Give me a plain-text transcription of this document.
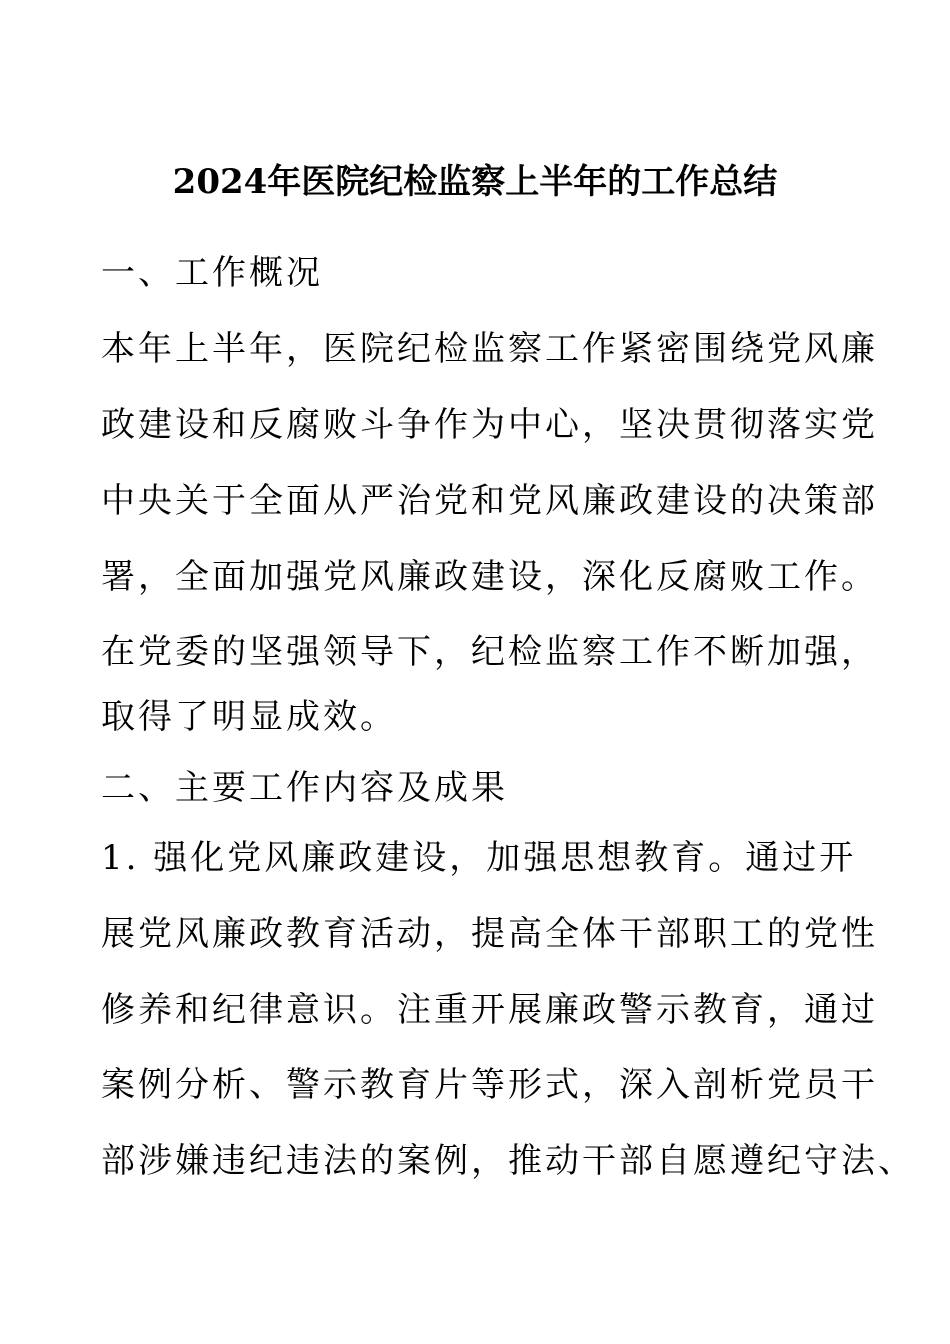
2024年医院纪检监察上半年的工作总结
一、工作概况
本年上半年，医院纪检监察工作紧密围绕党风廉
政建设和反腐败斗争作为中心，坚决贯彻落实党
中央关于全面从严治党和党风廉政建设的决策部
署，全面加强党风廉政建设，深化反腐败工作。
在党委的坚强领导下，纪检监察工作不断加强，
取得了明显成效。
二、主要工作内容及成果
1. 强化党风廉政建设，加强思想教育。通过开
展党风廉政教育活动，提高全体干部职工的党性
修养和纪律意识。注重开展廉政警示教育，通过
案例分析、警示教育片等形式，深入剖析党员干
部涉嫌违纪违法的案例，推动干部自愿遵纪守法、
